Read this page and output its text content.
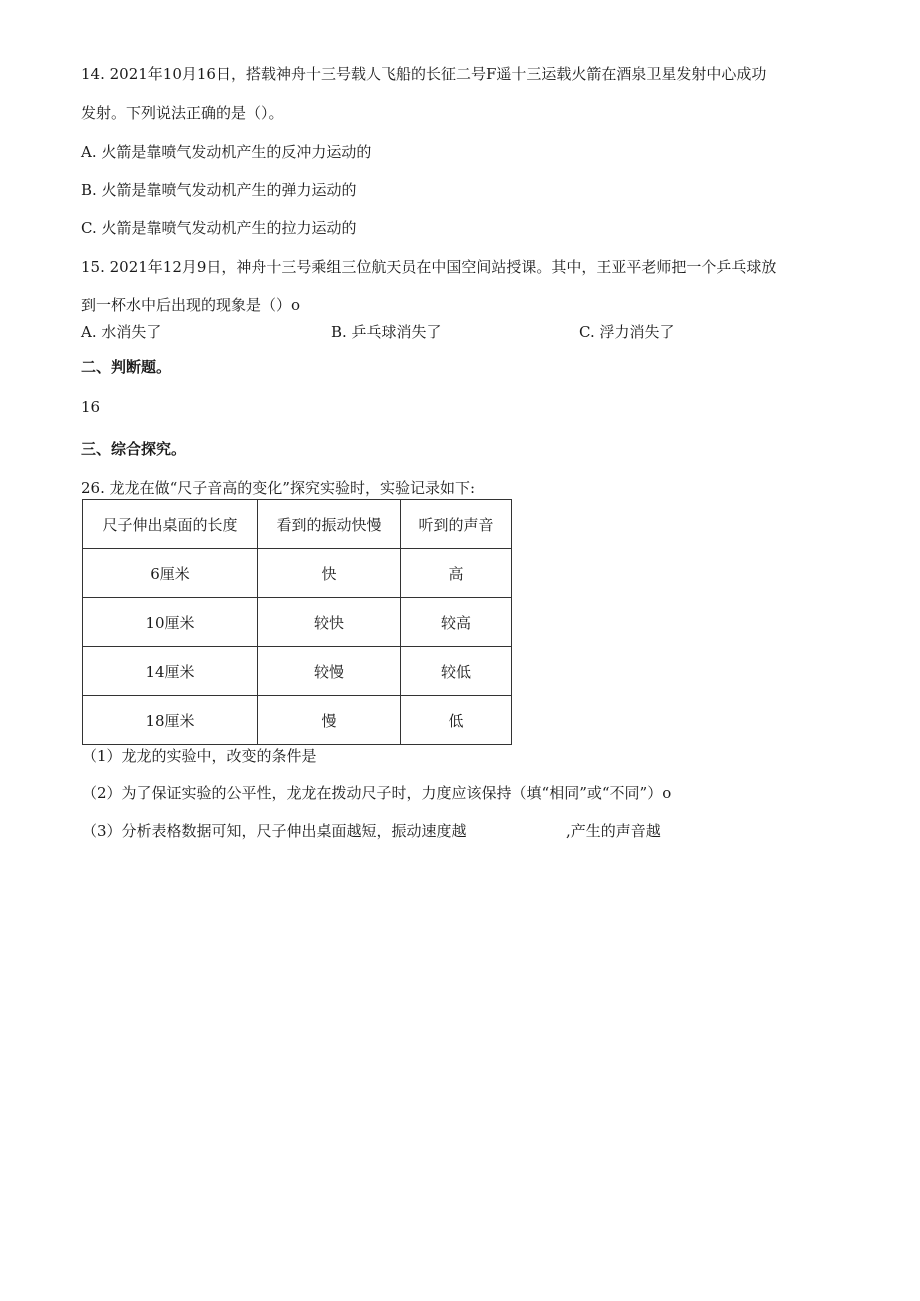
14. 2021年10月16日，搭载神舟十三号载人飞船的长征二号F遥十三运载火箭在酒泉卫星发射中心成功
发射。下列说法正确的是（）。
A. 火箭是靠喷气发动机产生的反冲力运动的
B. 火箭是靠喷气发动机产生的弹力运动的
C. 火箭是靠喷气发动机产生的拉力运动的
15. 2021年12月9日，神舟十三号乘组三位航天员在中国空间站授课。其中，王亚平老师把一个乒乓球放
到一杯水中后出现的现象是（）o
A. 水消失了	B. 乒乓球消失了	C. 浮力消失了
二、判断题。
16
三、综合探究。
26. 龙龙在做“尺子音高的变化”探究实验时，实验记录如下:
尺子伸出桌面的长度	看到的振动快慢	听到的声音
6厘米	快	高
10厘米	较快	较高
14厘米	较慢	较低
18厘米	慢	低
（1）龙龙的实验中，改变的条件是
（2）为了保证实验的公平性，龙龙在拨动尺子时，力度应该保持（填“相同”或“不同”）o
（3）分析表格数据可知，尺子伸出桌面越短，振动速度越	,产生的声音越
